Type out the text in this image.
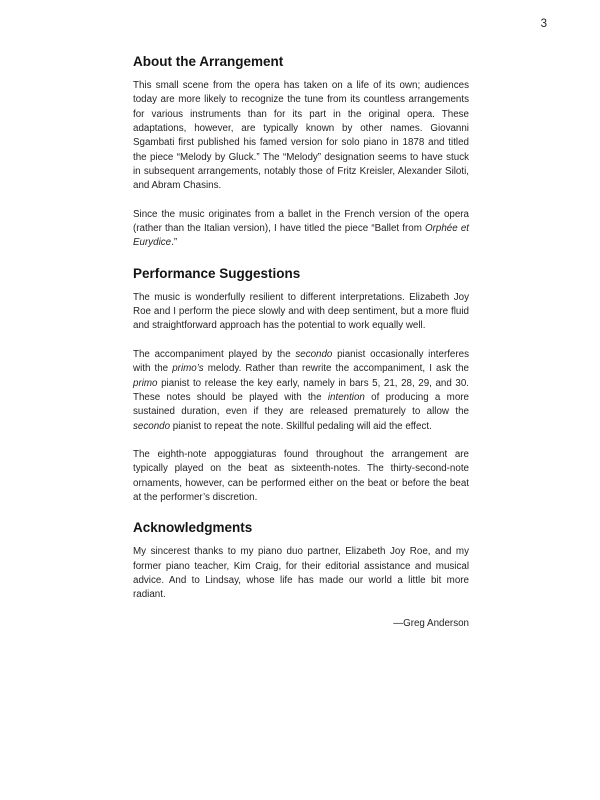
3
About the Arrangement

This small scene from the opera has taken on a life of its own; audiences today are more likely to recognize the tune from its countless arrangements for various instruments than for its part in the original opera. These adaptations, however, are typically known by other names. Giovanni Sgambati first published his famed version for solo piano in 1878 and titled the piece “Melody by Gluck.” The “Melody” designation seems to have stuck in subsequent arrangements, notably those of Fritz Kreisler, Alexander Siloti, and Abram Chasins.

Since the music originates from a ballet in the French version of the opera (rather than the Italian version), I have titled the piece “Ballet from Orphée et Eurydice.”

Performance Suggestions

The music is wonderfully resilient to different interpretations. Elizabeth Joy Roe and I perform the piece slowly and with deep sentiment, but a more fluid and straightforward approach has the potential to work equally well.

The accompaniment played by the secondo pianist occasionally interferes with the primo’s melody. Rather than rewrite the accompaniment, I ask the primo pianist to release the key early, namely in bars 5, 21, 28, 29, and 30. These notes should be played with the intention of producing a more sustained duration, even if they are released prematurely to allow the secondo pianist to repeat the note. Skillful pedaling will aid the effect.

The eighth-note appoggiaturas found throughout the arrangement are typically played on the beat as sixteenth-notes. The thirty-second-note ornaments, however, can be performed either on the beat or before the beat at the performer’s discretion.

Acknowledgments

My sincerest thanks to my piano duo partner, Elizabeth Joy Roe, and my former piano teacher, Kim Craig, for their editorial assistance and musical advice. And to Lindsay, whose life has made our world a little bit more radiant.

—Greg Anderson
